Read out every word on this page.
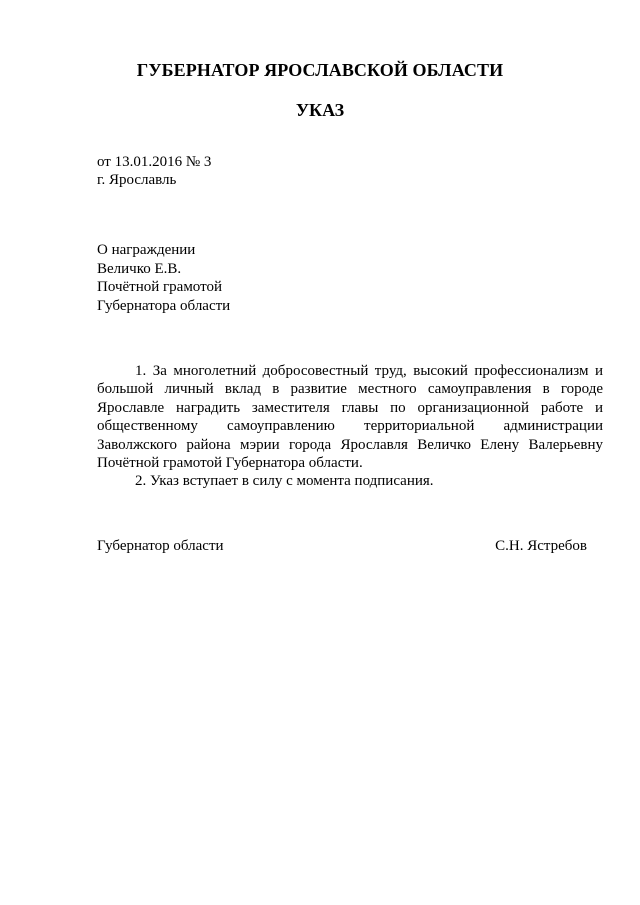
ГУБЕРНАТОР ЯРОСЛАВСКОЙ ОБЛАСТИ
УКАЗ
от 13.01.2016 № 3
г. Ярославль
О награждении
Величко Е.В.
Почётной грамотой
Губернатора области

1. За многолетний добросовестный труд, высокий профессионализм и большой личный вклад в развитие местного самоуправления в городе Ярославле наградить заместителя главы по организационной работе и общественному самоуправлению территориальной администрации Заволжского района мэрии города Ярославля Величко Елену Валерьевну Почётной грамотой Губернатора области.

2. Указ вступает в силу с момента подписания.

Губернатор области	С.Н. Ястребов
